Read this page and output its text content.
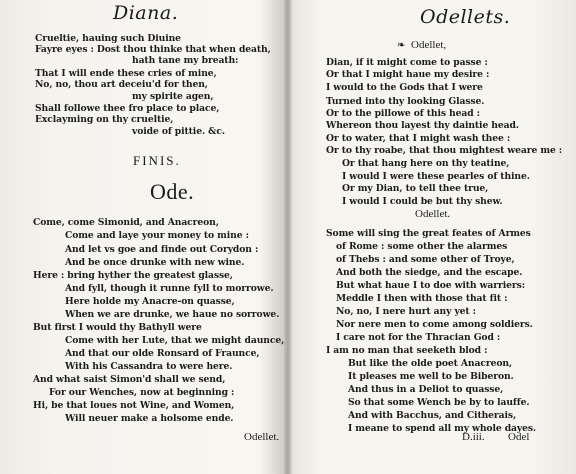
Diana.
Crueltie, hauing such Diuine
Fayre eyes : Dost thou thinke that when death,
hath tane my breath:
That I will ende these cries of mine,
No, no, thou art deceiu'd for then,
my spirite agen,
Shall followe thee fro place to place,
Exclayming on thy crueltie,
voide of pittie. &c.
FINIS.
Ode.
Come, come Simonid, and Anacreon,
Come and laye your money to mine :
And let vs goe and finde out Corydon :
And be once drunke with new wine.
Here : bring hyther the greatest glasse,
And fyll, though it runne fyll to morrowe.
Here holde my Anacre-on quasse,
When we are drunke, we haue no sorrowe.
But first I would thy Bathyll were
Come with her Lute, that we might daunce,
And that our olde Ronsard of Fraunce,
With his Cassandra to were here.
And what saist Simon'd shall we send,
For our Wenches, now at beginning :
Hi, be that loues not Wine, and Women,
Will neuer make a holsome ende.
Odellet.
Odellets.
❧ Odellet,
Dian, if it might come to passe :
Or that I might haue my desire :
I would to the Gods that I were
Turned into thy looking Glasse.
Or to the pillowe of this head :
Whereon thou layest thy daintie head.
Or to water, that I might wash thee :
Or to thy roabe, that thou mightest weare me :
Or that hang here on thy teatine,
I would I were these pearles of thine.
Or my Dian, to tell thee true,
I would I could be but thy shew.
Odellet.
Some will sing the great feates of Armes
of Rome : some other the alarmes
of Thebs : and some other of Troye,
And both the siedge, and the escape.
But what haue I to doe with warriers:
Meddle I then with those that fit :
No, no, I nere hurt any yet :
Nor nere men to come among soldiers.
I care not for the Thracian God :
I am no man that seeketh blod :
But like the olde poet Anacreon,
It pleases me well to be Biberon.
And thus in a Deliot to quasse,
So that some Wench be by to lauffe.
And with Bacchus, and Citherais,
I meane to spend all my whole dayes.
D.iii. Odel
